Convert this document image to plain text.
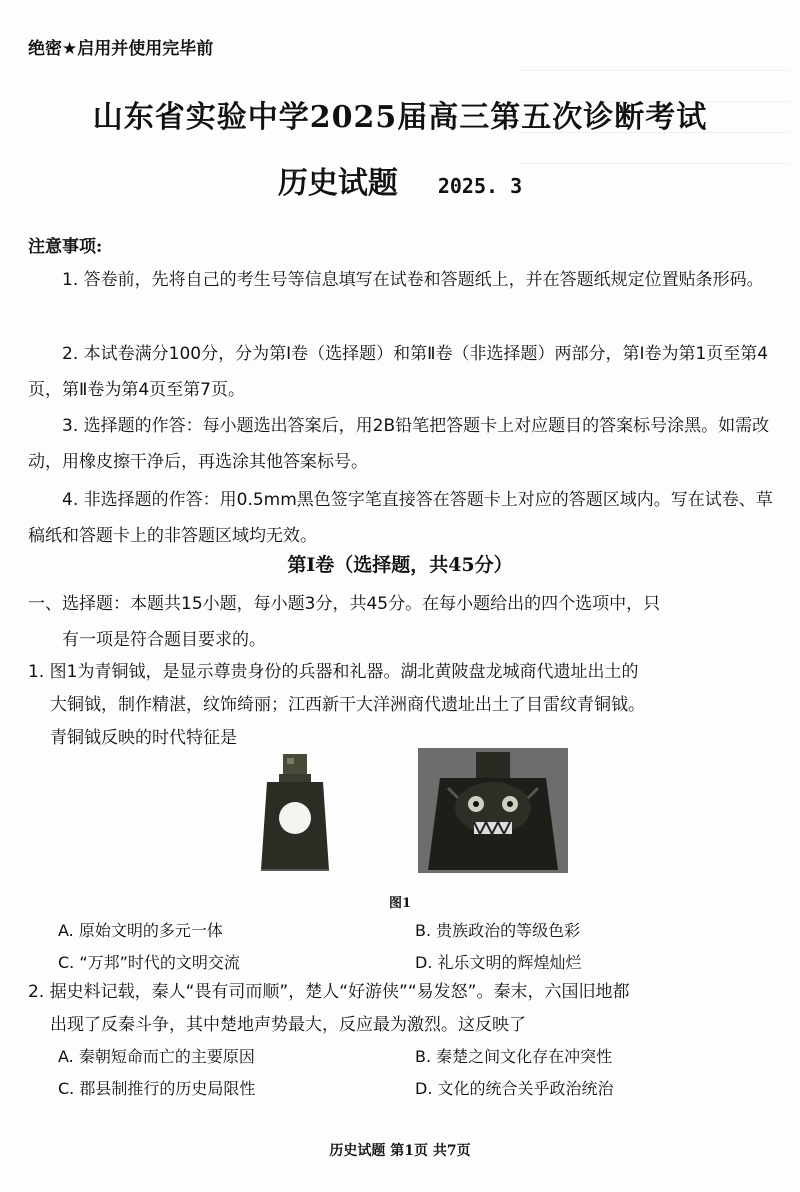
绝密★启用并使用完毕前
山东省实验中学2025届高三第五次诊断考试
历史试题 2025. 3
注意事项:
1. 答卷前，先将自己的考生号等信息填写在试卷和答题纸上，并在答题纸规定位置贴条形码。
2. 本试卷满分100分，分为第Ⅰ卷（选择题）和第Ⅱ卷（非选择题）两部分，第Ⅰ卷为第1页至第4页，第Ⅱ卷为第4页至第7页。
3. 选择题的作答：每小题选出答案后，用2B铅笔把答题卡上对应题目的答案标号涂黑。如需改动，用橡皮擦干净后，再选涂其他答案标号。
4. 非选择题的作答：用0.5mm黑色签字笔直接答在答题卡上对应的答题区域内。写在试卷、草稿纸和答题卡上的非答题区域均无效。
第Ⅰ卷（选择题，共45分）
一、选择题：本题共15小题，每小题3分，共45分。在每小题给出的四个选项中，只
有一项是符合题目要求的。
1. 图1为青铜钺，是显示尊贵身份的兵器和礼器。湖北黄陂盘龙城商代遗址出土的
大铜钺，制作精湛，纹饰绮丽；江西新干大洋洲商代遗址出土了目雷纹青铜钺。
青铜钺反映的时代特征是
图1
A. 原始文明的多元一体	B. 贵族政治的等级色彩
C. “万邦”时代的文明交流	D. 礼乐文明的辉煌灿烂
2. 据史料记载，秦人“畏有司而顺”，楚人“好游侠”“易发怒”。秦末，六国旧地都
出现了反秦斗争，其中楚地声势最大，反应最为激烈。这反映了
A. 秦朝短命而亡的主要原因	B. 秦楚之间文化存在冲突性
C. 郡县制推行的历史局限性	D. 文化的统合关乎政治统治
历史试题 第1页 共7页
